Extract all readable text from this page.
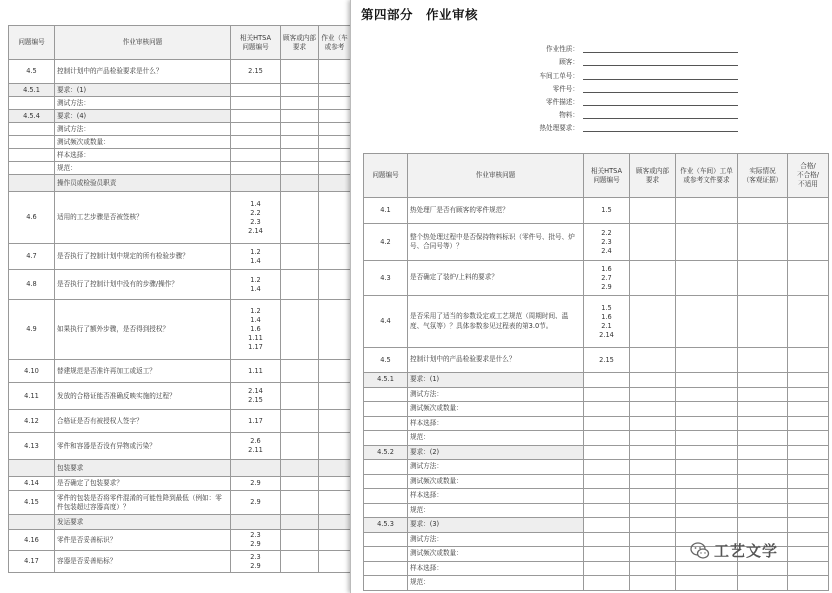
问题编号	作业审核问题	相关HTSA
问题编号	顾客或内部
要求	作业（车
或参考

4.5	控制计划中的产品检验要求是什么？	2.15		
4.5.1	要求：(1)			
	测试方法：			
4.5.4	要求：(4)			
	测试方法：			
	测试频次或数量：			
	样本选择：			
	规范：			
	操作员或检验员职责			
4.6	适用的工艺步骤是否被签核？	1.4
2.2
2.3
2.14		

4.7	是否执行了控制计划中规定的所有检验步骤？	1.2
1.4		

4.8	是否执行了控制计划中没有的步骤/操作？	1.2
1.4		

4.9	如果执行了额外步骤，是否得到授权？	1.2
1.4
1.6
1.11
1.17		

4.10	替建规范是否准许再加工或返工？	1.11		
4.11	发放的合格证能否准确反映实施的过程？	2.14
2.15		

4.12	合格证是否有被授权人签字？	1.17		
4.13	零件和容器是否没有异物或污染？	2.6
2.11		

	包装要求			
4.14	是否确定了包装要求？	2.9		
4.15	零件的包装是否将零件混淆的可能性降到最低（例如：零件包装超过容器高度）？	2.9		
	发运要求			
4.16	零件是否妥善标识？	2.3
2.9		

4.17	容器是否妥善贴标？	2.3
2.9		

第四部分　作业审核
作业性质：
顾客：
车间工单号：
零件号：
零件描述：
物料：
热处理要求：
问题编号	作业审核问题	相关HTSA
问题编号	顾客或内部
要求	作业（车间）工单
或参考文件要求	实际情况
（客观证据）	合格/
不合格/
不适用

4.1	热处理厂是否有顾客的零件规范？	1.5				
4.2	整个热处理过程中是否保持物料标识（零件号、批号、炉号、合同号等）？	2.2
2.3
2.4				

4.3	是否确定了装炉/上料的要求？	1.6
2.7
2.9				

4.4	是否采用了适当的参数设定或工艺规范（周期时间、温度、气氛等）？具体参数参见过程表的第3.0节。	1.5
1.6
2.1
2.14				

4.5	控制计划中的产品检验要求是什么？	2.15				
4.5.1	要求：(1)					
	测试方法：					
	测试频次或数量：					
	样本选择：					
	规范：					
4.5.2	要求：(2)					
	测试方法：					
	测试频次或数量：					
	样本选择：					
	规范：					
4.5.3	要求：(3)					
	测试方法：					
	测试频次或数量：					
	样本选择：					
	规范：					
工艺文学
